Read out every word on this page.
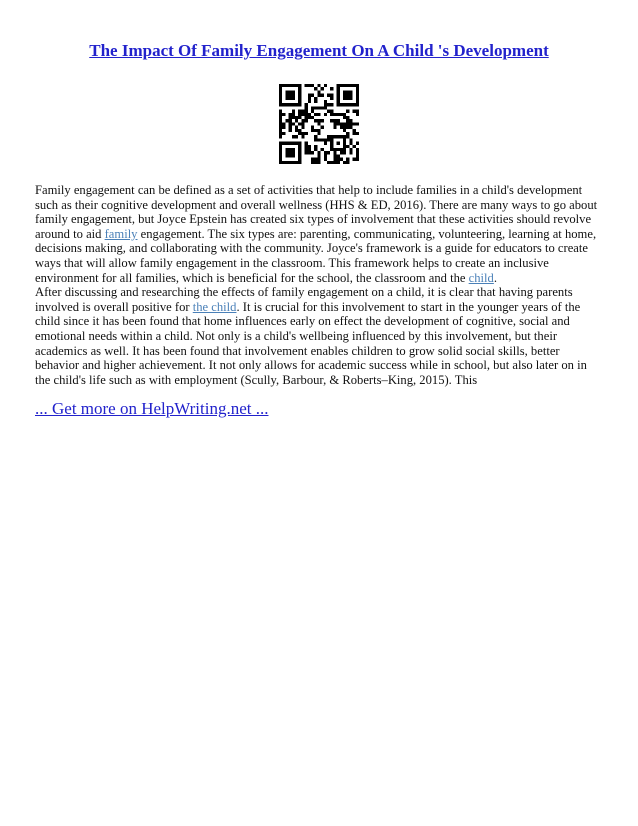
The Impact Of Family Engagement On A Child 's Development

Family engagement can be defined as a set of activities that help to include families in a child's development such as their cognitive development and overall wellness (HHS & ED, 2016). There are many ways to go about family engagement, but Joyce Epstein has created six types of involvement that these activities should revolve around to aid family engagement. The six types are: parenting, communicating, volunteering, learning at home, decisions making, and collaborating with the community. Joyce's framework is a guide for educators to create ways that will allow family engagement in the classroom. This framework helps to create an inclusive environment for all families, which is beneficial for the school, the classroom and the child.

After discussing and researching the effects of family engagement on a child, it is clear that having parents involved is overall positive for the child. It is crucial for this involvement to start in the younger years of the child since it has been found that home influences early on effect the development of cognitive, social and emotional needs within a child. Not only is a child's wellbeing influenced by this involvement, but their academics as well. It has been found that involvement enables children to grow solid social skills, better behavior and higher achievement. It not only allows for academic success while in school, but also later on in the child's life such as with employment (Scully, Barbour, & Roberts–King, 2015). This

... Get more on HelpWriting.net ...
